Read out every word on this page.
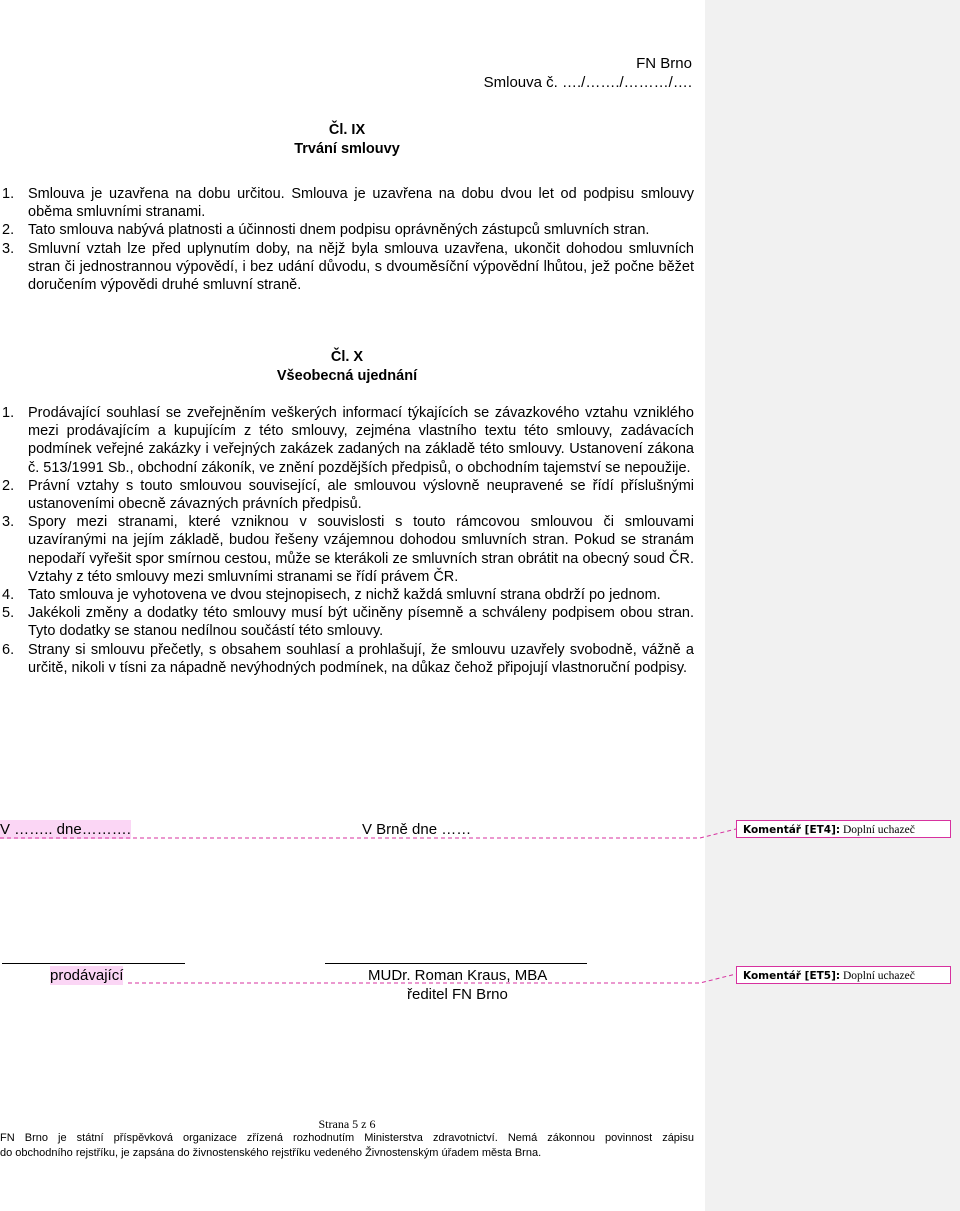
FN Brno
Smlouva č. …./……./………/….
Čl. IX
Trvání smlouvy
1. Smlouva je uzavřena na dobu určitou. Smlouva je uzavřena na dobu dvou let od podpisu smlouvy oběma smluvními stranami.
2. Tato smlouva nabývá platnosti a účinnosti dnem podpisu oprávněných zástupců smluvních stran.
3. Smluvní vztah lze před uplynutím doby, na nějž byla smlouva uzavřena, ukončit dohodou smluvních stran či jednostrannou výpovědí, i bez udání důvodu, s dvouměsíční výpovědní lhůtou, jež počne běžet doručením výpovědi druhé smluvní straně.
Čl. X
Všeobecná ujednání
1. Prodávající souhlasí se zveřejněním veškerých informací týkajících se závazkového vztahu vzniklého mezi prodávajícím a kupujícím z této smlouvy, zejména vlastního textu této smlouvy, zadávacích podmínek veřejné zakázky i veřejných zakázek zadaných na základě této smlouvy. Ustanovení zákona č. 513/1991 Sb., obchodní zákoník, ve znění pozdějších předpisů, o obchodním tajemství se nepoužije.
2. Právní vztahy s touto smlouvou související, ale smlouvou výslovně neupravené se řídí příslušnými ustanoveními obecně závazných právních předpisů.
3. Spory mezi stranami, které vzniknou v souvislosti s touto rámcovou smlouvou či smlouvami uzavíranými na jejím základě, budou řešeny vzájemnou dohodou smluvních stran. Pokud se stranám nepodaří vyřešit spor smírnou cestou, může se kterákoli ze smluvních stran obrátit na obecný soud ČR. Vztahy z této smlouvy mezi smluvními stranami se řídí právem ČR.
4. Tato smlouva je vyhotovena ve dvou stejnopisech, z nichž každá smluvní strana obdrží po jednom.
5. Jakékoli změny a dodatky této smlouvy musí být učiněny písemně a schváleny podpisem obou stran. Tyto dodatky se stanou nedílnou součástí této smlouvy.
6. Strany si smlouvu přečetly, s obsahem souhlasí a prohlašují, že smlouvu uzavřely svobodně, vážně a určitě, nikoli v tísni za nápadně nevýhodných podmínek, na důkaz čehož připojují vlastnoruční podpisy.
V …….. dne……….	V Brně dne ……	Komentář [ET4]: Doplní uchazeč
prodávající	MUDr. Roman Kraus, MBA
ředitel FN Brno
Komentář [ET5]: Doplní uchazeč
Strana 5 z 6
FN Brno je státní příspěvková organizace zřízená rozhodnutím Ministerstva zdravotnictví. Nemá zákonnou povinnost zápisu
do obchodního rejstříku, je zapsána do živnostenského rejstříku vedeného Živnostenským úřadem města Brna.
